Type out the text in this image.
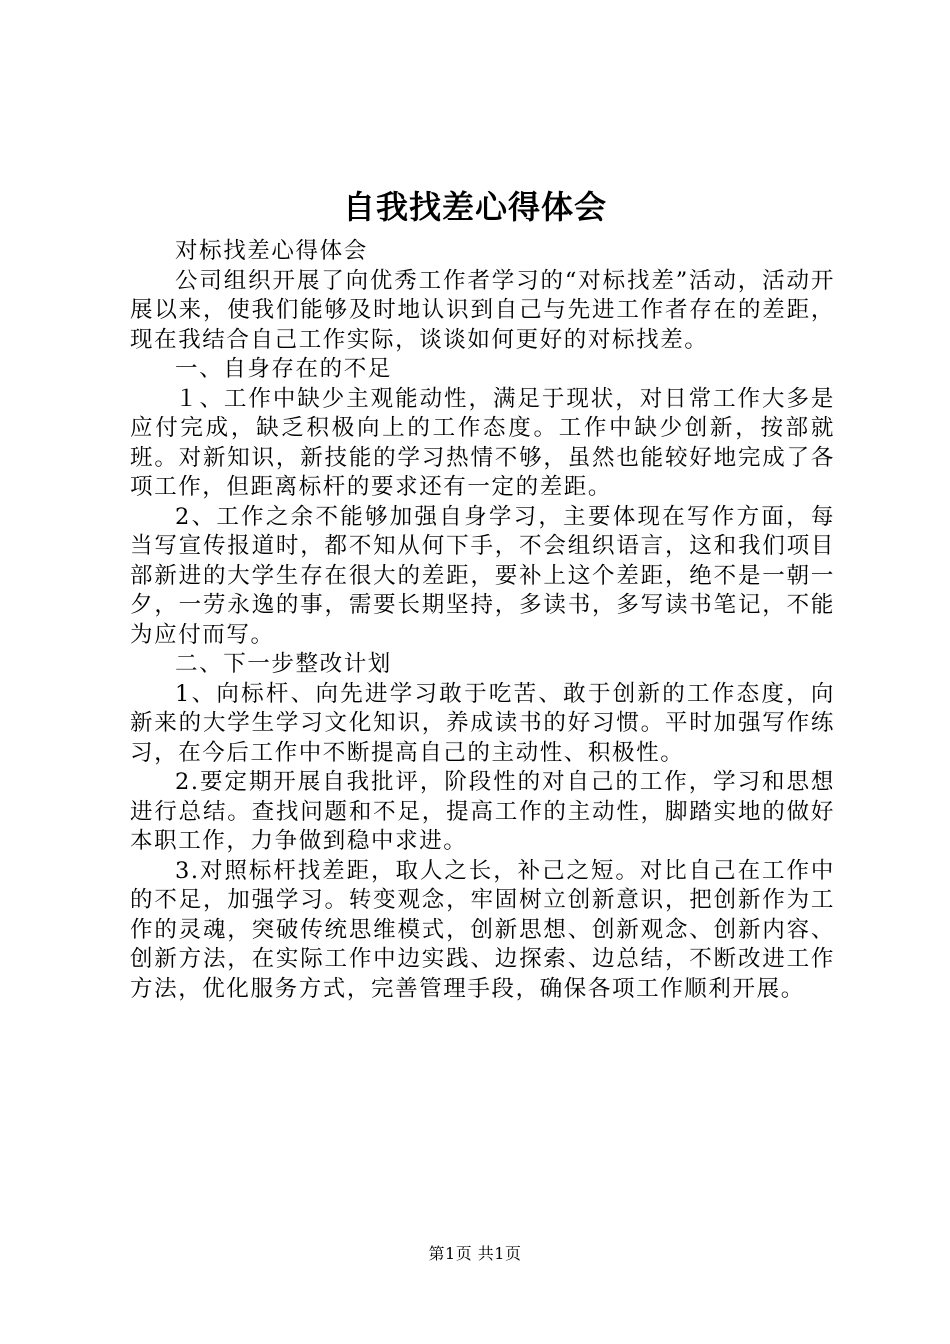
自我找差心得体会

对标找差心得体会

公司组织开展了向优秀工作者学习的“对标找差”活动，活动开展以来，使我们能够及时地认识到自己与先进工作者存在的差距，现在我结合自己工作实际，谈谈如何更好的对标找差。

一、自身存在的不足

１、工作中缺少主观能动性，满足于现状，对日常工作大多是应付完成，缺乏积极向上的工作态度。工作中缺少创新，按部就班。对新知识，新技能的学习热情不够，虽然也能较好地完成了各项工作，但距离标杆的要求还有一定的差距。

2、工作之余不能够加强自身学习，主要体现在写作方面，每当写宣传报道时，都不知从何下手，不会组织语言，这和我们项目部新进的大学生存在很大的差距，要补上这个差距，绝不是一朝一夕，一劳永逸的事，需要长期坚持，多读书，多写读书笔记，不能为应付而写。

二、下一步整改计划

1、向标杆、向先进学习敢于吃苦、敢于创新的工作态度，向新来的大学生学习文化知识，养成读书的好习惯。平时加强写作练习，在今后工作中不断提高自己的主动性、积极性。

2.要定期开展自我批评，阶段性的对自己的工作，学习和思想进行总结。查找问题和不足，提高工作的主动性，脚踏实地的做好本职工作，力争做到稳中求进。

3.对照标杆找差距，取人之长，补己之短。对比自己在工作中的不足，加强学习。转变观念，牢固树立创新意识，把创新作为工作的灵魂，突破传统思维模式，创新思想、创新观念、创新内容、创新方法，在实际工作中边实践、边探索、边总结，不断改进工作方法，优化服务方式，完善管理手段，确保各项工作顺利开展。

第1页 共1页
